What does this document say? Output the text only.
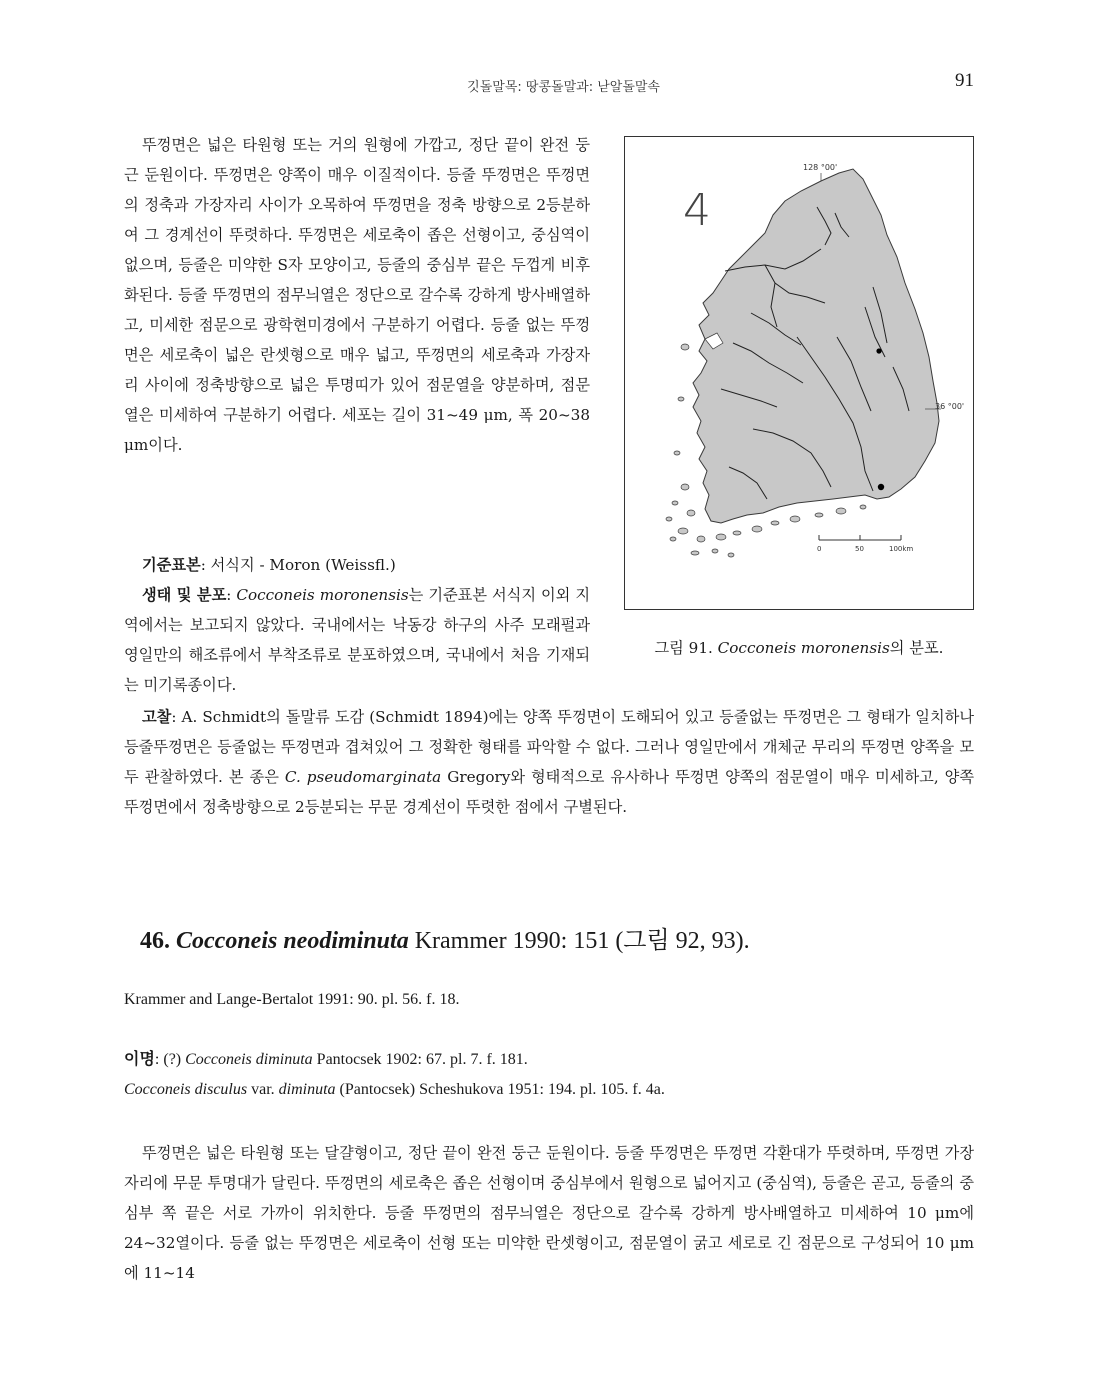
깃돌말목: 땅콩돌말과: 낟알돌말속	91

뚜껑면은 넓은 타원형 또는 거의 원형에 가깝고, 정단 끝이 완전 둥근 둔원이다. 뚜껑면은 양쪽이 매우 이질적이다. 등줄 뚜껑면은 뚜껑면의 정축과 가장자리 사이가 오목하여 뚜껑면을 정축 방향으로 2등분하여 그 경계선이 뚜렷하다. 뚜껑면은 세로축이 좁은 선형이고, 중심역이 없으며, 등줄은 미약한 S자 모양이고, 등줄의 중심부 끝은 두껍게 비후화된다. 등줄 뚜껑면의 점무늬열은 정단으로 갈수록 강하게 방사배열하고, 미세한 점문으로 광학현미경에서 구분하기 어렵다. 등줄 없는 뚜껑면은 세로축이 넓은 란셋형으로 매우 넓고, 뚜껑면의 세로축과 가장자리 사이에 정축방향으로 넓은 투명띠가 있어 점문열을 양분하며, 점문열은 미세하여 구분하기 어렵다. 세포는 길이 31~49 μm, 폭 20~38 μm이다.

기준표본: 서식지 - Moron (Weissfl.)

생태 및 분포: Cocconeis moronensis는 기준표본 서식지 이외 지역에서는 보고되지 않았다. 국내에서는 낙동강 하구의 사주 모래펄과 영일만의 해조류에서 부착조류로 분포하였으며, 국내에서 처음 기재되는 미기록종이다.

고찰: A. Schmidt의 돌말류 도감 (Schmidt 1894)에는 양쪽 뚜껑면이 도해되어 있고 등줄없는 뚜껑면은 그 형태가 일치하나 등줄뚜껑면은 등줄없는 뚜껑면과 겹쳐있어 그 정확한 형태를 파악할 수 없다. 그러나 영일만에서 개체군 무리의 뚜껑면 양쪽을 모두 관찰하였다. 본 종은 C. pseudomarginata Gregory와 형태적으로 유사하나 뚜껑면 양쪽의 점문열이 매우 미세하고, 양쪽 뚜껑면에서 정축방향으로 2등분되는 무문 경계선이 뚜렷한 점에서 구별된다.

4
128 °00'
36 °00'
0	50	100km
그림 91. Cocconeis moronensis의 분포.
46. Cocconeis neodiminuta Krammer 1990: 151 (그림 92, 93).

Krammer and Lange-Bertalot 1991: 90. pl. 56. f. 18.

이명: (?) Cocconeis diminuta Pantocsek 1902: 67. pl. 7. f. 181.

Cocconeis disculus var. diminuta (Pantocsek) Scheshukova 1951: 194. pl. 105. f. 4a.

뚜껑면은 넓은 타원형 또는 달걀형이고, 정단 끝이 완전 둥근 둔원이다. 등줄 뚜껑면은 뚜껑면 각환대가 뚜렷하며, 뚜껑면 가장자리에 무문 투명대가 달린다. 뚜껑면의 세로축은 좁은 선형이며 중심부에서 원형으로 넓어지고 (중심역), 등줄은 곧고, 등줄의 중심부 쪽 끝은 서로 가까이 위치한다. 등줄 뚜껑면의 점무늬열은 정단으로 갈수록 강하게 방사배열하고 미세하여 10 μm에 24~32열이다. 등줄 없는 뚜껑면은 세로축이 선형 또는 미약한 란셋형이고, 점문열이 굵고 세로로 긴 점문으로 구성되어 10 μm에 11~14
